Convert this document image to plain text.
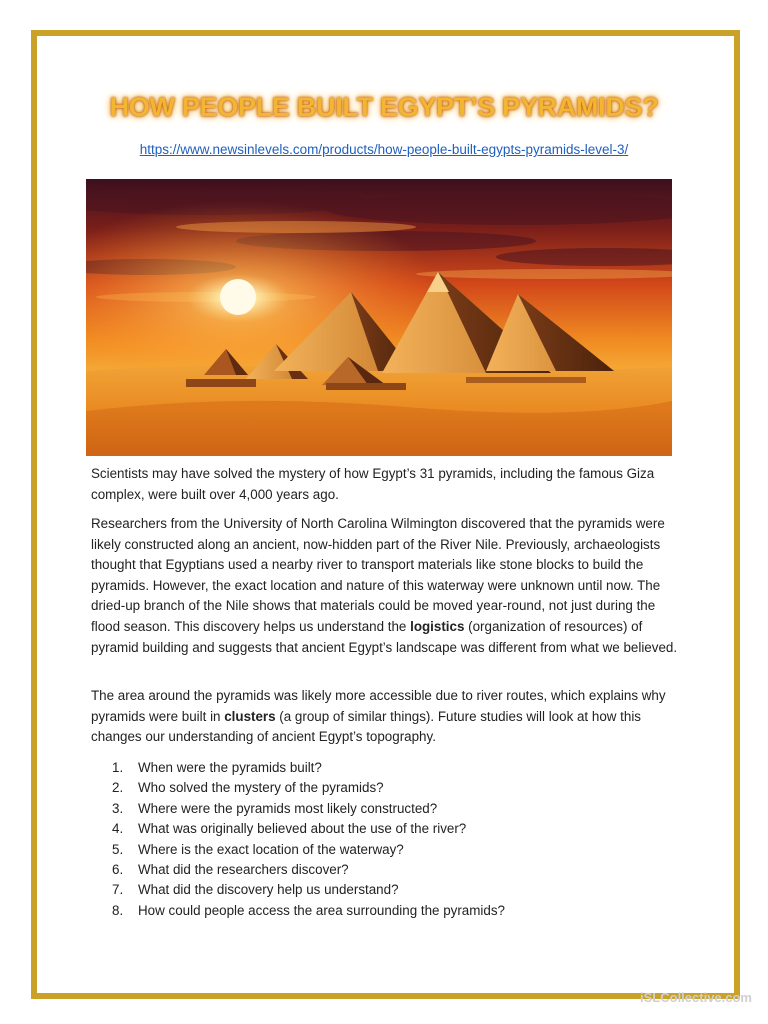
HOW PEOPLE BUILT EGYPT’S PYRAMIDS?
https://www.newsinlevels.com/products/how-people-built-egypts-pyramids-level-3/

Scientists may have solved the mystery of how Egypt’s 31 pyramids, including the famous Giza complex, were built over 4,000 years ago.

Researchers from the University of North Carolina Wilmington discovered that the pyramids were likely constructed along an ancient, now-hidden part of the River Nile. Previously, archaeologists thought that Egyptians used a nearby river to transport materials like stone blocks to build the pyramids. However, the exact location and nature of this waterway were unknown until now. The dried-up branch of the Nile shows that materials could be moved year-round, not just during the flood season. This discovery helps us understand the logistics (organization of resources) of pyramid building and suggests that ancient Egypt’s landscape was different from what we believed.

The area around the pyramids was likely more accessible due to river routes, which explains why pyramids were built in clusters (a group of similar things). Future studies will look at how this changes our understanding of ancient Egypt’s topography.

1.	When were the pyramids built?
2.	Who solved the mystery of the pyramids?
3.	Where were the pyramids most likely constructed?
4.	What was originally believed about the use of the river?
5.	Where is the exact location of the waterway?
6.	What did the researchers discover?
7.	What did the discovery help us understand?
8.	How could people access the area surrounding the pyramids?
iSLCollective.com
